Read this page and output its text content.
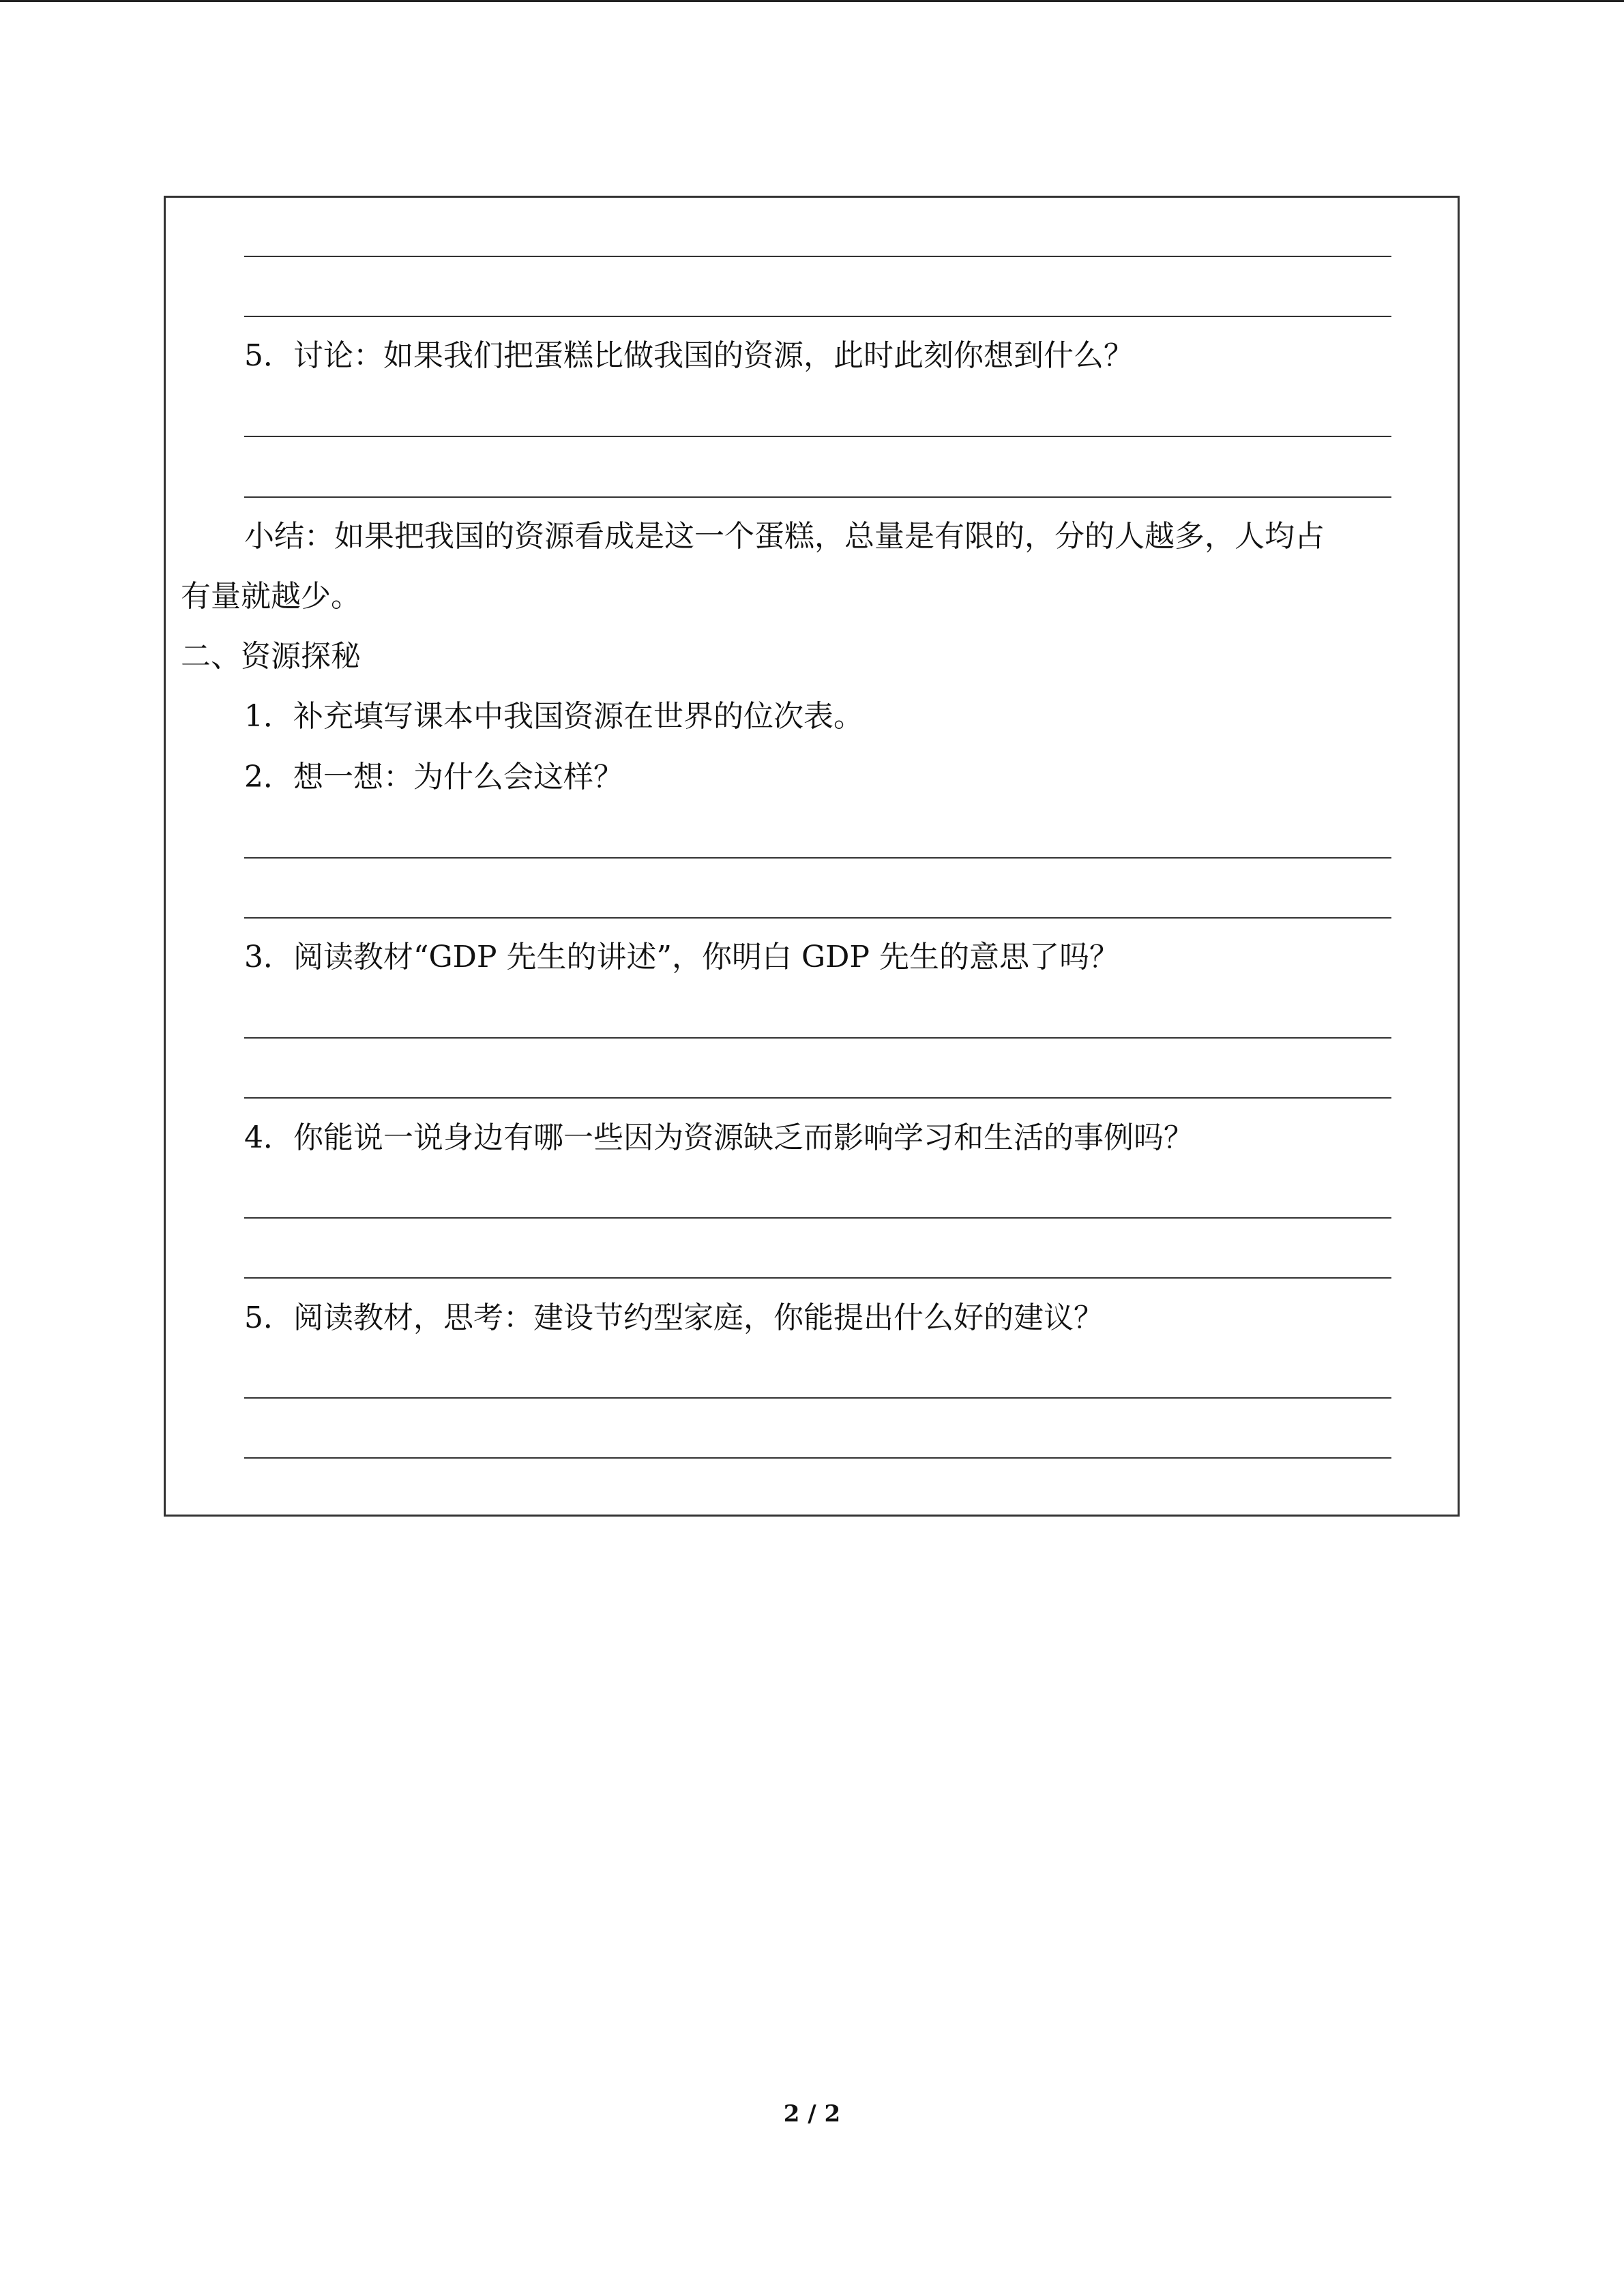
5．讨论：如果我们把蛋糕比做我国的资源，此时此刻你想到什么？
小结：如果把我国的资源看成是这一个蛋糕，总量是有限的，分的人越多，人均占
有量就越少。
二、资源探秘
1．补充填写课本中我国资源在世界的位次表。
2．想一想：为什么会这样？
3．阅读教材“GDP 先生的讲述”，你明白 GDP 先生的意思了吗？
4．你能说一说身边有哪一些因为资源缺乏而影响学习和生活的事例吗？
5．阅读教材，思考：建设节约型家庭，你能提出什么好的建议？
2 / 2
